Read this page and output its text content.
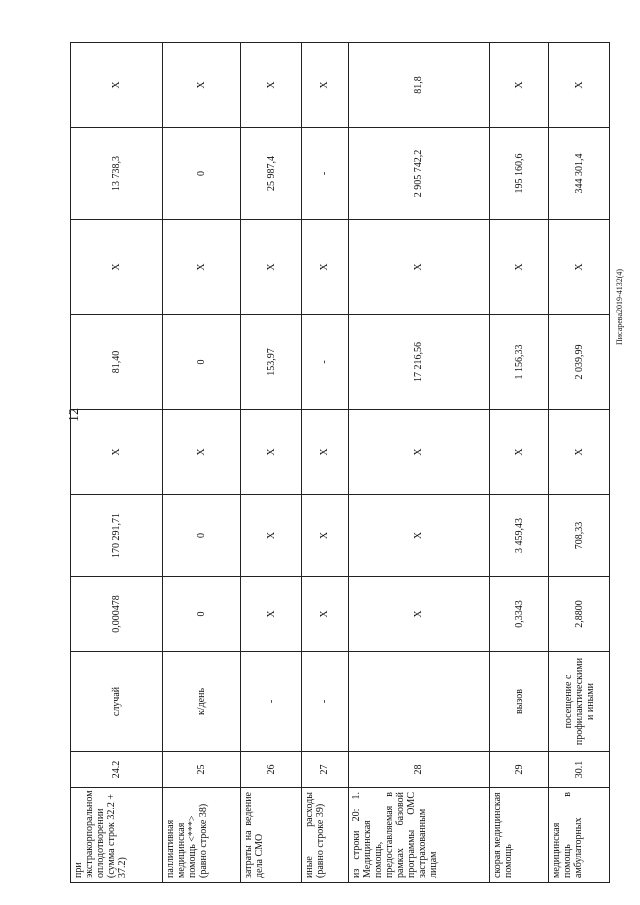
12
Писарева2019-4132(4)
при экстракорпоральном оплодотворении (сумма строк 32.2 + 37.2)	24.2	случай	0,000478	170 291,71	X	81,40	X	13 738,3	X
паллиативная медицинская помощь <***> (равно строке 38)	25	к/день	0	0	X	0	X	0	X
затраты на ведение дела СМО	26	-	X	X	X	153,97	X	25 987,4	X
иные расходы (равно строке 39)	27	-	X	X	X	-	X	-	X
из строки 20: 1. Медицинская помощь, предоставляемая в рамках базовой программы ОМС застрахованным лицам	28		X	X	X	17 216,56	X	2 905 742,2	81,8
скорая медицинская помощь	29	вызов	0,3343	3 459,43	X	1 156,33	X	195 160,6	X
медицинская помощь в амбулаторных	30.1	посещение с профилактическими и иными	2,8800	708,33	X	2 039,99	X	344 301,4	X
